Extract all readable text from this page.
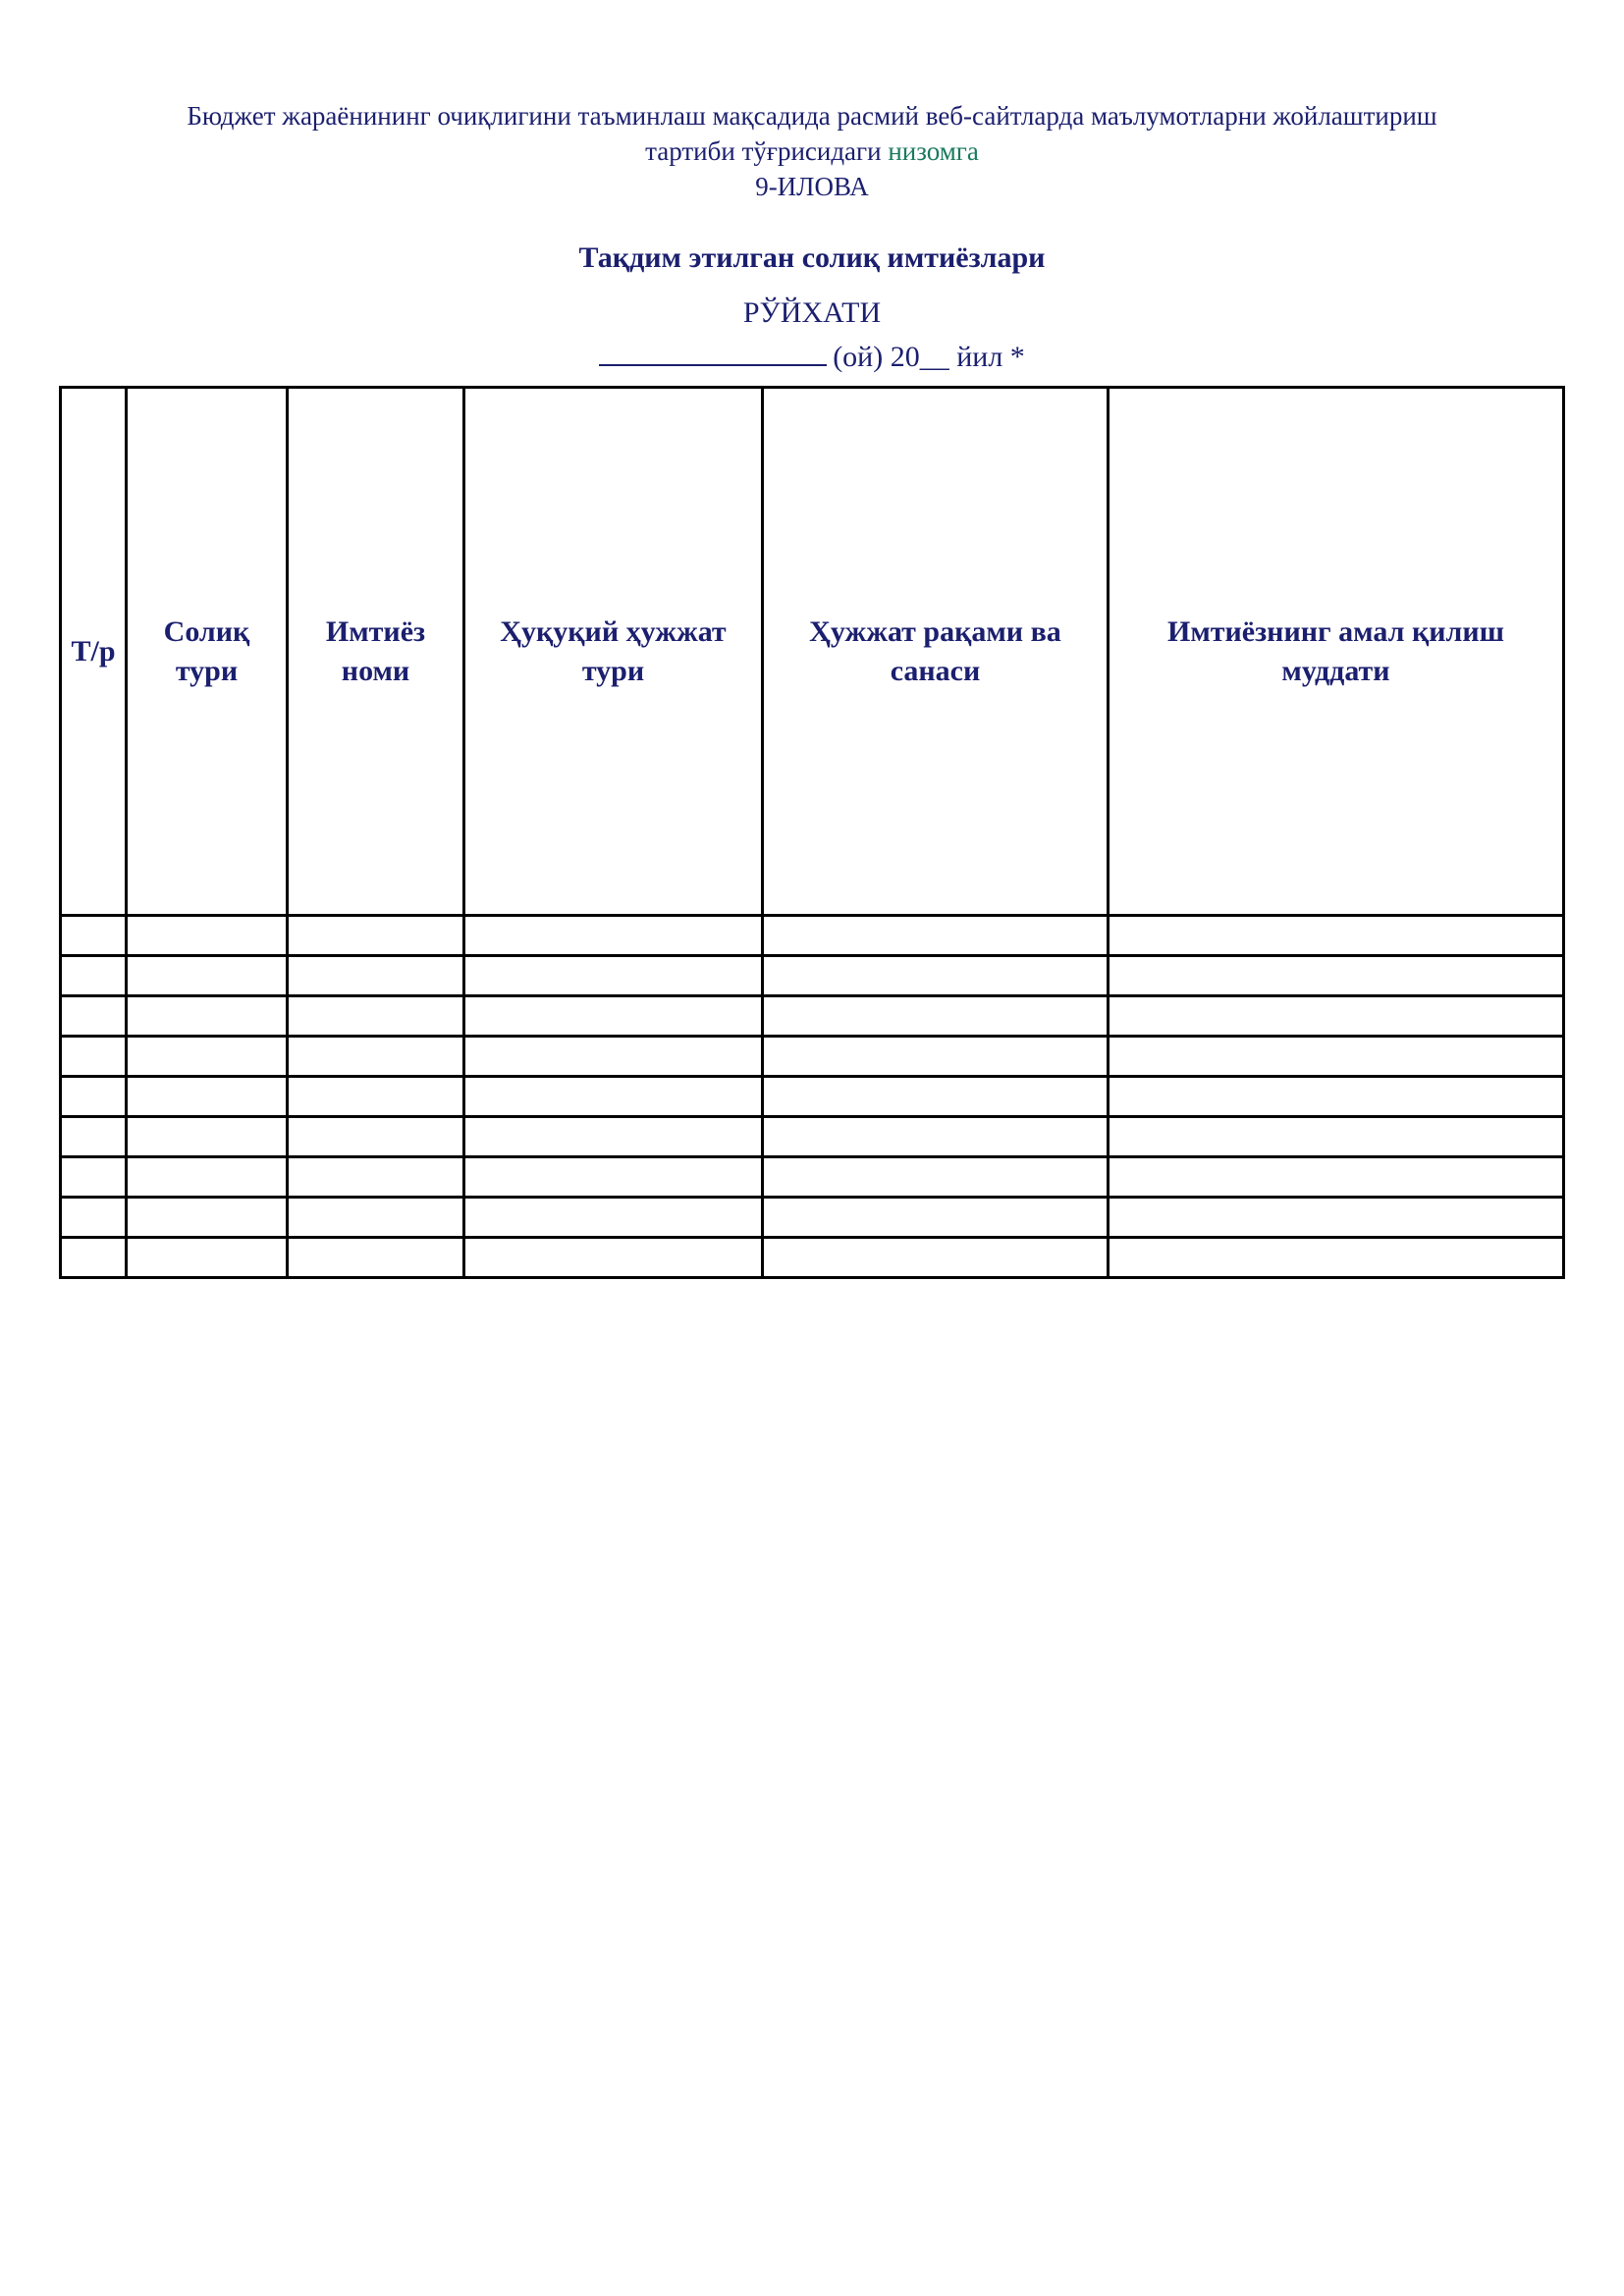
Бюджет жараёнининг очиқлигини таъминлаш мақсадида расмий веб-сайтларда маълумотларни жойлаштириш
тартиби тўғрисидаги низомга
9-ИЛОВА
Тақдим этилган солиқ имтиёзлари
РЎЙХАТИ
(ой) 20__ йил *
Т/р	Солиқ тури	Имтиёз номи	Ҳуқуқий ҳужжат тури	Ҳужжат рақами ва санаси	Имтиёзнинг амал қилиш муддати
